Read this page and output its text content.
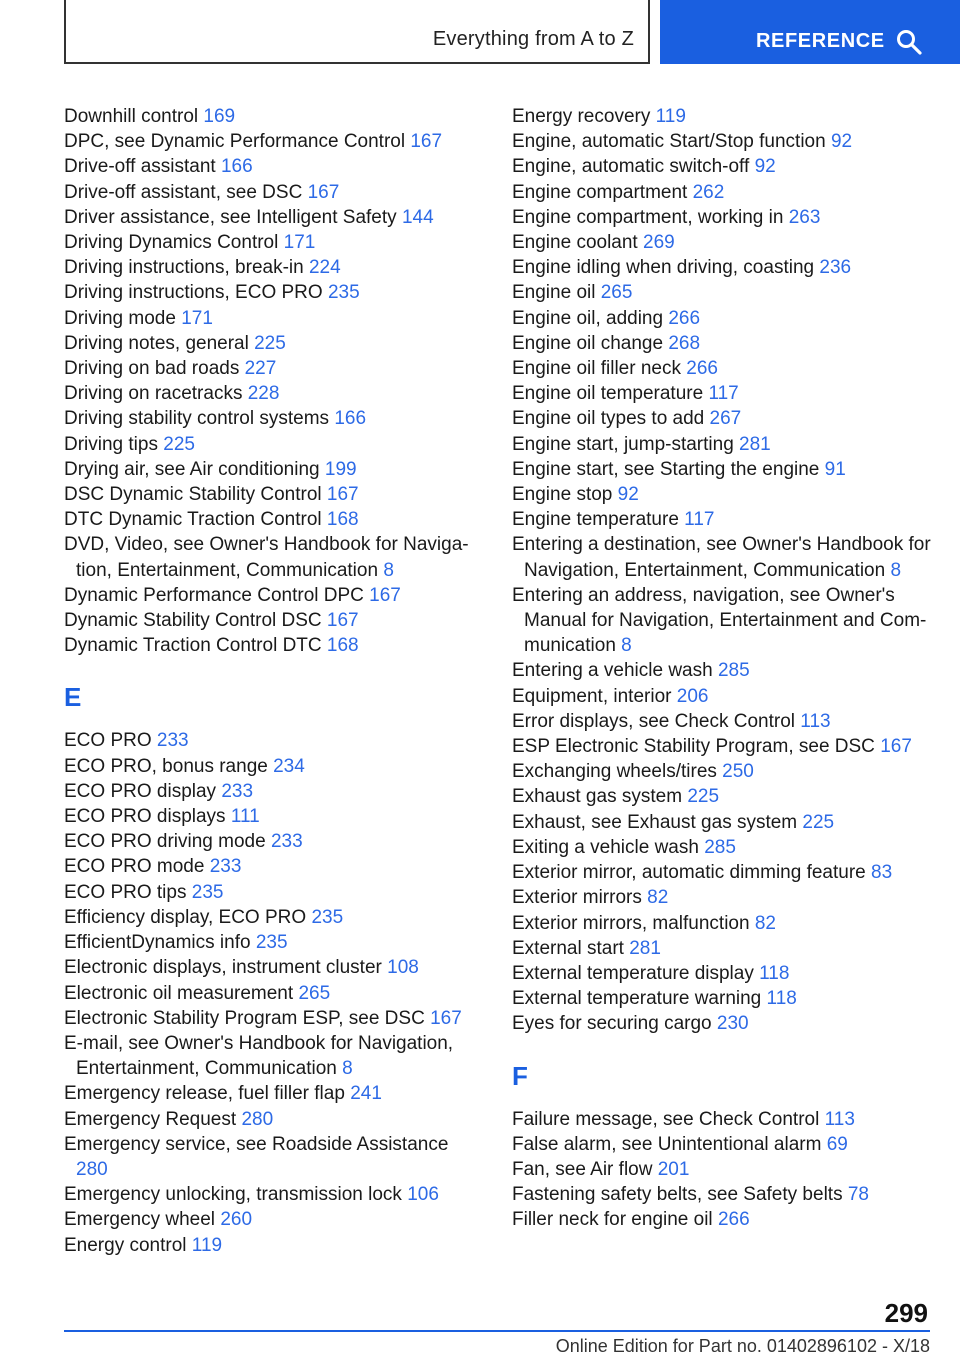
Everything from A to Z	REFERENCE
Downhill control 169
DPC, see Dynamic Performance Control 167
Drive-off assistant 166
Drive-off assistant, see DSC 167
Driver assistance, see Intelligent Safety 144
Driving Dynamics Control 171
Driving instructions, break-in 224
Driving instructions, ECO PRO 235
Driving mode 171
Driving notes, general 225
Driving on bad roads 227
Driving on racetracks 228
Driving stability control systems 166
Driving tips 225
Drying air, see Air conditioning 199
DSC Dynamic Stability Control 167
DTC Dynamic Traction Control 168
DVD, Video, see Owner's Handbook for Navigation, Entertainment, Communication 8
Dynamic Performance Control DPC 167
Dynamic Stability Control DSC 167
Dynamic Traction Control DTC 168
E
ECO PRO 233
ECO PRO, bonus range 234
ECO PRO display 233
ECO PRO displays 111
ECO PRO driving mode 233
ECO PRO mode 233
ECO PRO tips 235
Efficiency display, ECO PRO 235
EfficientDynamics info 235
Electronic displays, instrument cluster 108
Electronic oil measurement 265
Electronic Stability Program ESP, see DSC 167
E-mail, see Owner's Handbook for Navigation, Entertainment, Communication 8
Emergency release, fuel filler flap 241
Emergency Request 280
Emergency service, see Roadside Assistance 280
Emergency unlocking, transmission lock 106
Emergency wheel 260
Energy control 119
Energy recovery 119
Engine, automatic Start/Stop function 92
Engine, automatic switch-off 92
Engine compartment 262
Engine compartment, working in 263
Engine coolant 269
Engine idling when driving, coasting 236
Engine oil 265
Engine oil, adding 266
Engine oil change 268
Engine oil filler neck 266
Engine oil temperature 117
Engine oil types to add 267
Engine start, jump-starting 281
Engine start, see Starting the engine 91
Engine stop 92
Engine temperature 117
Entering a destination, see Owner's Handbook for Navigation, Entertainment, Communication 8
Entering an address, navigation, see Owner's Manual for Navigation, Entertainment and Communication 8
Entering a vehicle wash 285
Equipment, interior 206
Error displays, see Check Control 113
ESP Electronic Stability Program, see DSC 167
Exchanging wheels/tires 250
Exhaust gas system 225
Exhaust, see Exhaust gas system 225
Exiting a vehicle wash 285
Exterior mirror, automatic dimming feature 83
Exterior mirrors 82
Exterior mirrors, malfunction 82
External start 281
External temperature display 118
External temperature warning 118
Eyes for securing cargo 230
F
Failure message, see Check Control 113
False alarm, see Unintentional alarm 69
Fan, see Air flow 201
Fastening safety belts, see Safety belts 78
Filler neck for engine oil 266
299
Online Edition for Part no. 01402896102 - X/18
